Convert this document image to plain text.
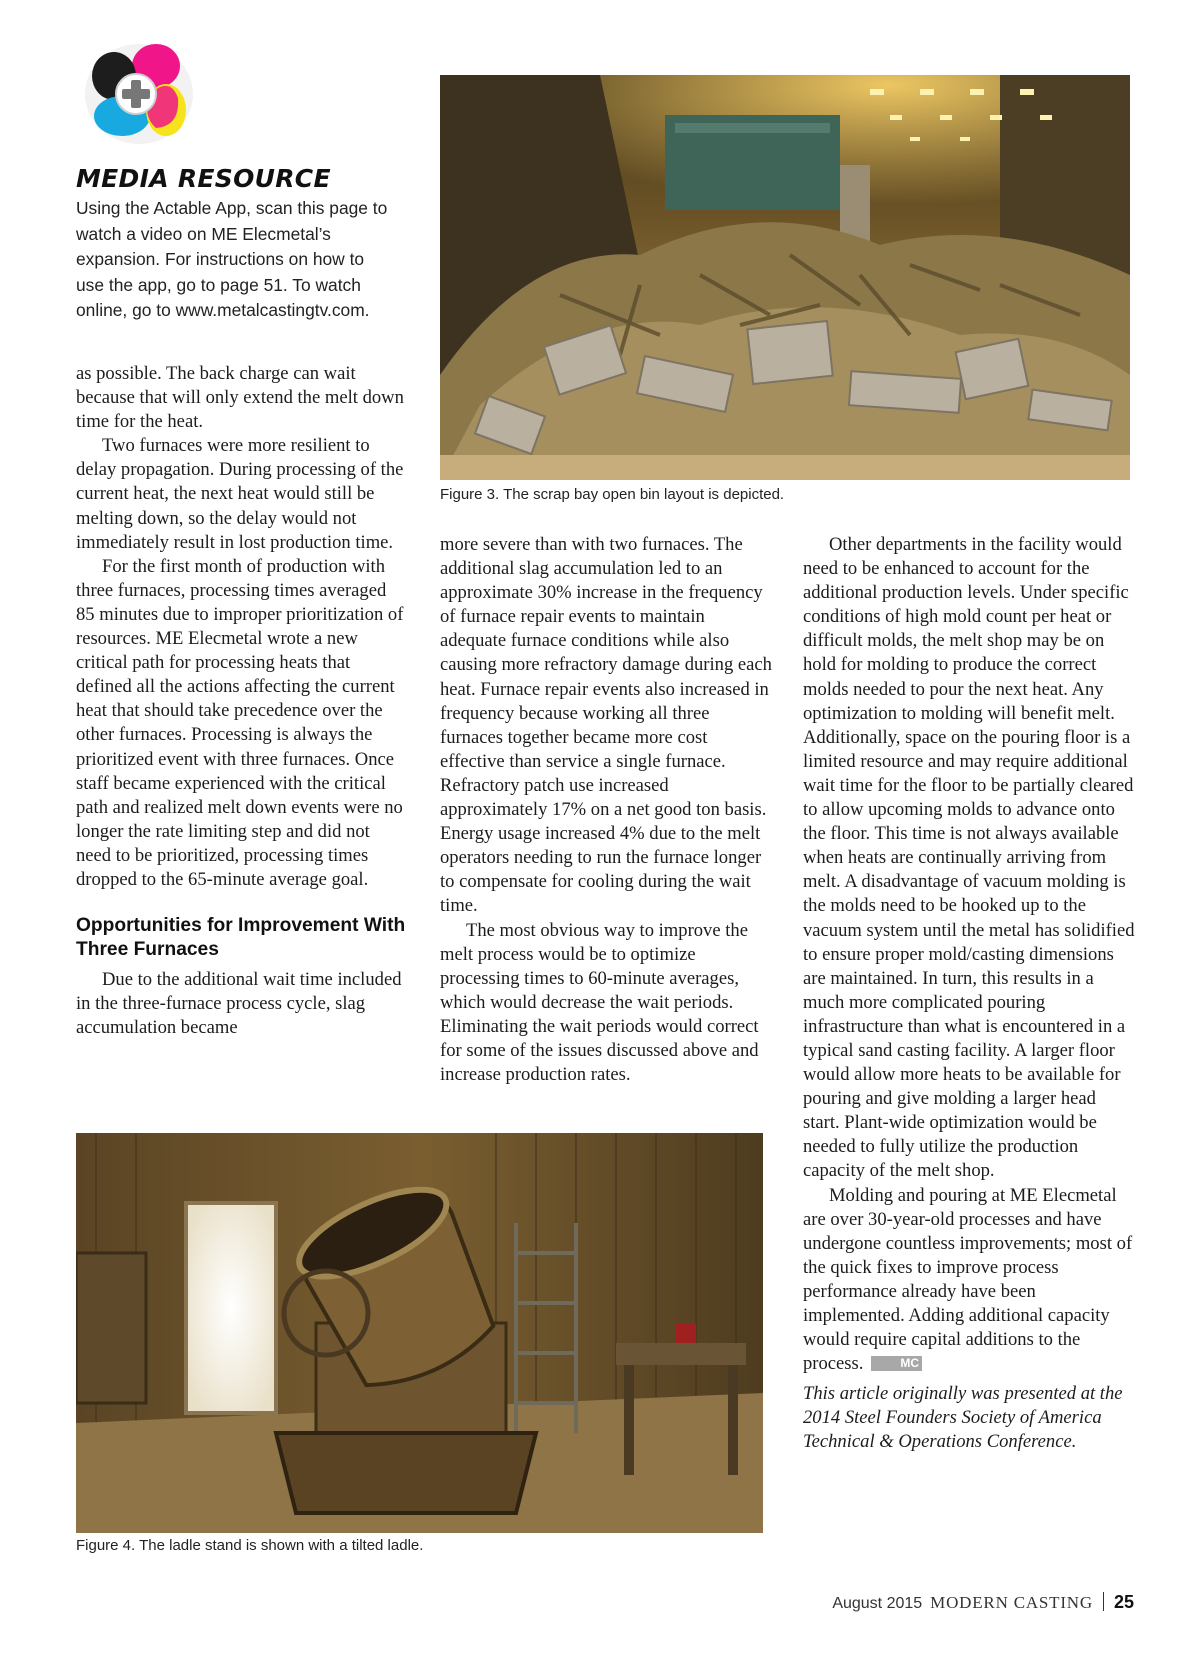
MEDIA RESOURCE

Using the Actable App, scan this page to watch a video on ME Elecmetal’s expansion. For instructions on how to use the app, go to page 51. To watch online, go to www.metalcastingtv.com.

Figure 3. The scrap bay open bin layout is depicted.

as possible. The back charge can wait because that will only extend the melt down time for the heat.

Two furnaces were more resilient to delay propagation. During processing of the current heat, the next heat would still be melting down, so the delay would not immediately result in lost production time.

For the first month of production with three furnaces, processing times averaged 85 minutes due to improper prioritization of resources. ME Elecmetal wrote a new critical path for processing heats that defined all the actions affecting the current heat that should take precedence over the other furnaces. Processing is always the prioritized event with three furnaces. Once staff became experienced with the critical path and realized melt down events were no longer the rate limiting step and did not need to be prioritized, processing times dropped to the 65-minute average goal.

Opportunities for Improvement With Three Furnaces

Due to the additional wait time included in the three-furnace process cycle, slag accumulation became

more severe than with two furnaces. The additional slag accumulation led to an approximate 30% increase in the frequency of furnace repair events to maintain adequate furnace conditions while also causing more refractory damage during each heat. Furnace repair events also increased in frequency because working all three furnaces together became more cost effective than service a single furnace. Refractory patch use increased approximately 17% on a net good ton basis. Energy usage increased 4% due to the melt operators needing to run the furnace longer to compensate for cooling during the wait time.

The most obvious way to improve the melt process would be to optimize processing times to 60-minute averages, which would decrease the wait periods. Eliminating the wait periods would correct for some of the issues discussed above and increase production rates.

Other departments in the facility would need to be enhanced to account for the additional production levels. Under specific conditions of high mold count per heat or difficult molds, the melt shop may be on hold for molding to produce the correct molds needed to pour the next heat. Any optimization to molding will benefit melt. Additionally, space on the pouring floor is a limited resource and may require additional wait time for the floor to be partially cleared to allow upcoming molds to advance onto the floor. This time is not always available when heats are continually arriving from melt. A disadvantage of vacuum molding is the molds need to be hooked up to the vacuum system until the metal has solidified to ensure proper mold/casting dimensions are maintained. In turn, this results in a much more complicated pouring infrastructure than what is encountered in a typical sand casting facility. A larger floor would allow more heats to be available for pouring and give molding a larger head start. Plant-wide optimization would be needed to fully utilize the production capacity of the melt shop.

Molding and pouring at ME Elecmetal are over 30-year-old processes and have undergone countless improvements; most of the quick fixes to improve process performance already have been implemented. Adding additional capacity would require capital additions to the process.	MC

This article originally was presented at the 2014 Steel Founders Society of America Technical & Operations Conference.

Figure 4. The ladle stand is shown with a tilted ladle.

August 2015 MODERN CASTING 25
